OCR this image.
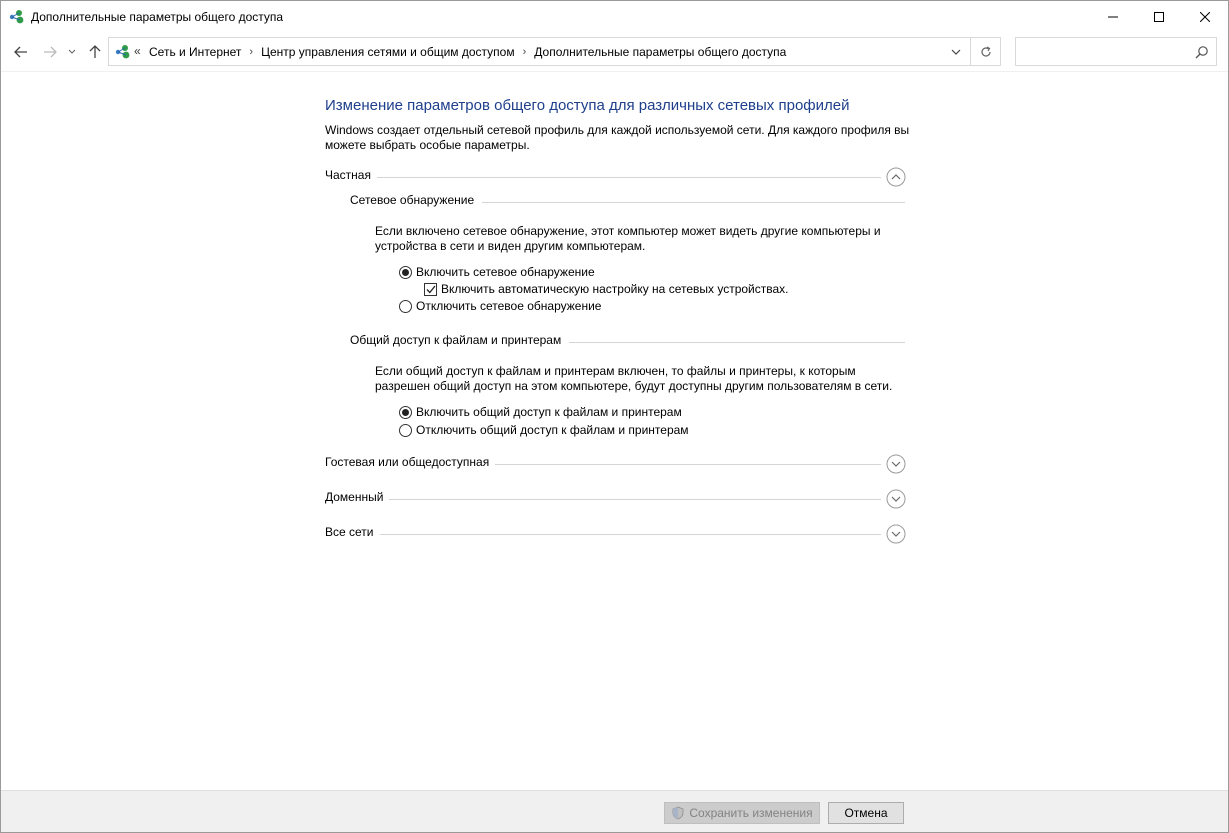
Дополнительные параметры общего доступа
« Сеть и Интернет › Центр управления сетями и общим доступом › Дополнительные параметры общего доступа
Изменение параметров общего доступа для различных сетевых профилей
Windows создает отдельный сетевой профиль для каждой используемой сети. Для каждого профиля вы можете выбрать особые параметры.
Частная
Сетевое обнаружение
Если включено сетевое обнаружение, этот компьютер может видеть другие компьютеры и устройства в сети и виден другим компьютерам.
Включить сетевое обнаружение
Включить автоматическую настройку на сетевых устройствах.
Отключить сетевое обнаружение
Общий доступ к файлам и принтерам
Если общий доступ к файлам и принтерам включен, то файлы и принтеры, к которым разрешен общий доступ на этом компьютере, будут доступны другим пользователям в сети.
Включить общий доступ к файлам и принтерам
Отключить общий доступ к файлам и принтерам
Гостевая или общедоступная
Доменный
Все сети
Сохранить изменения	Отмена
